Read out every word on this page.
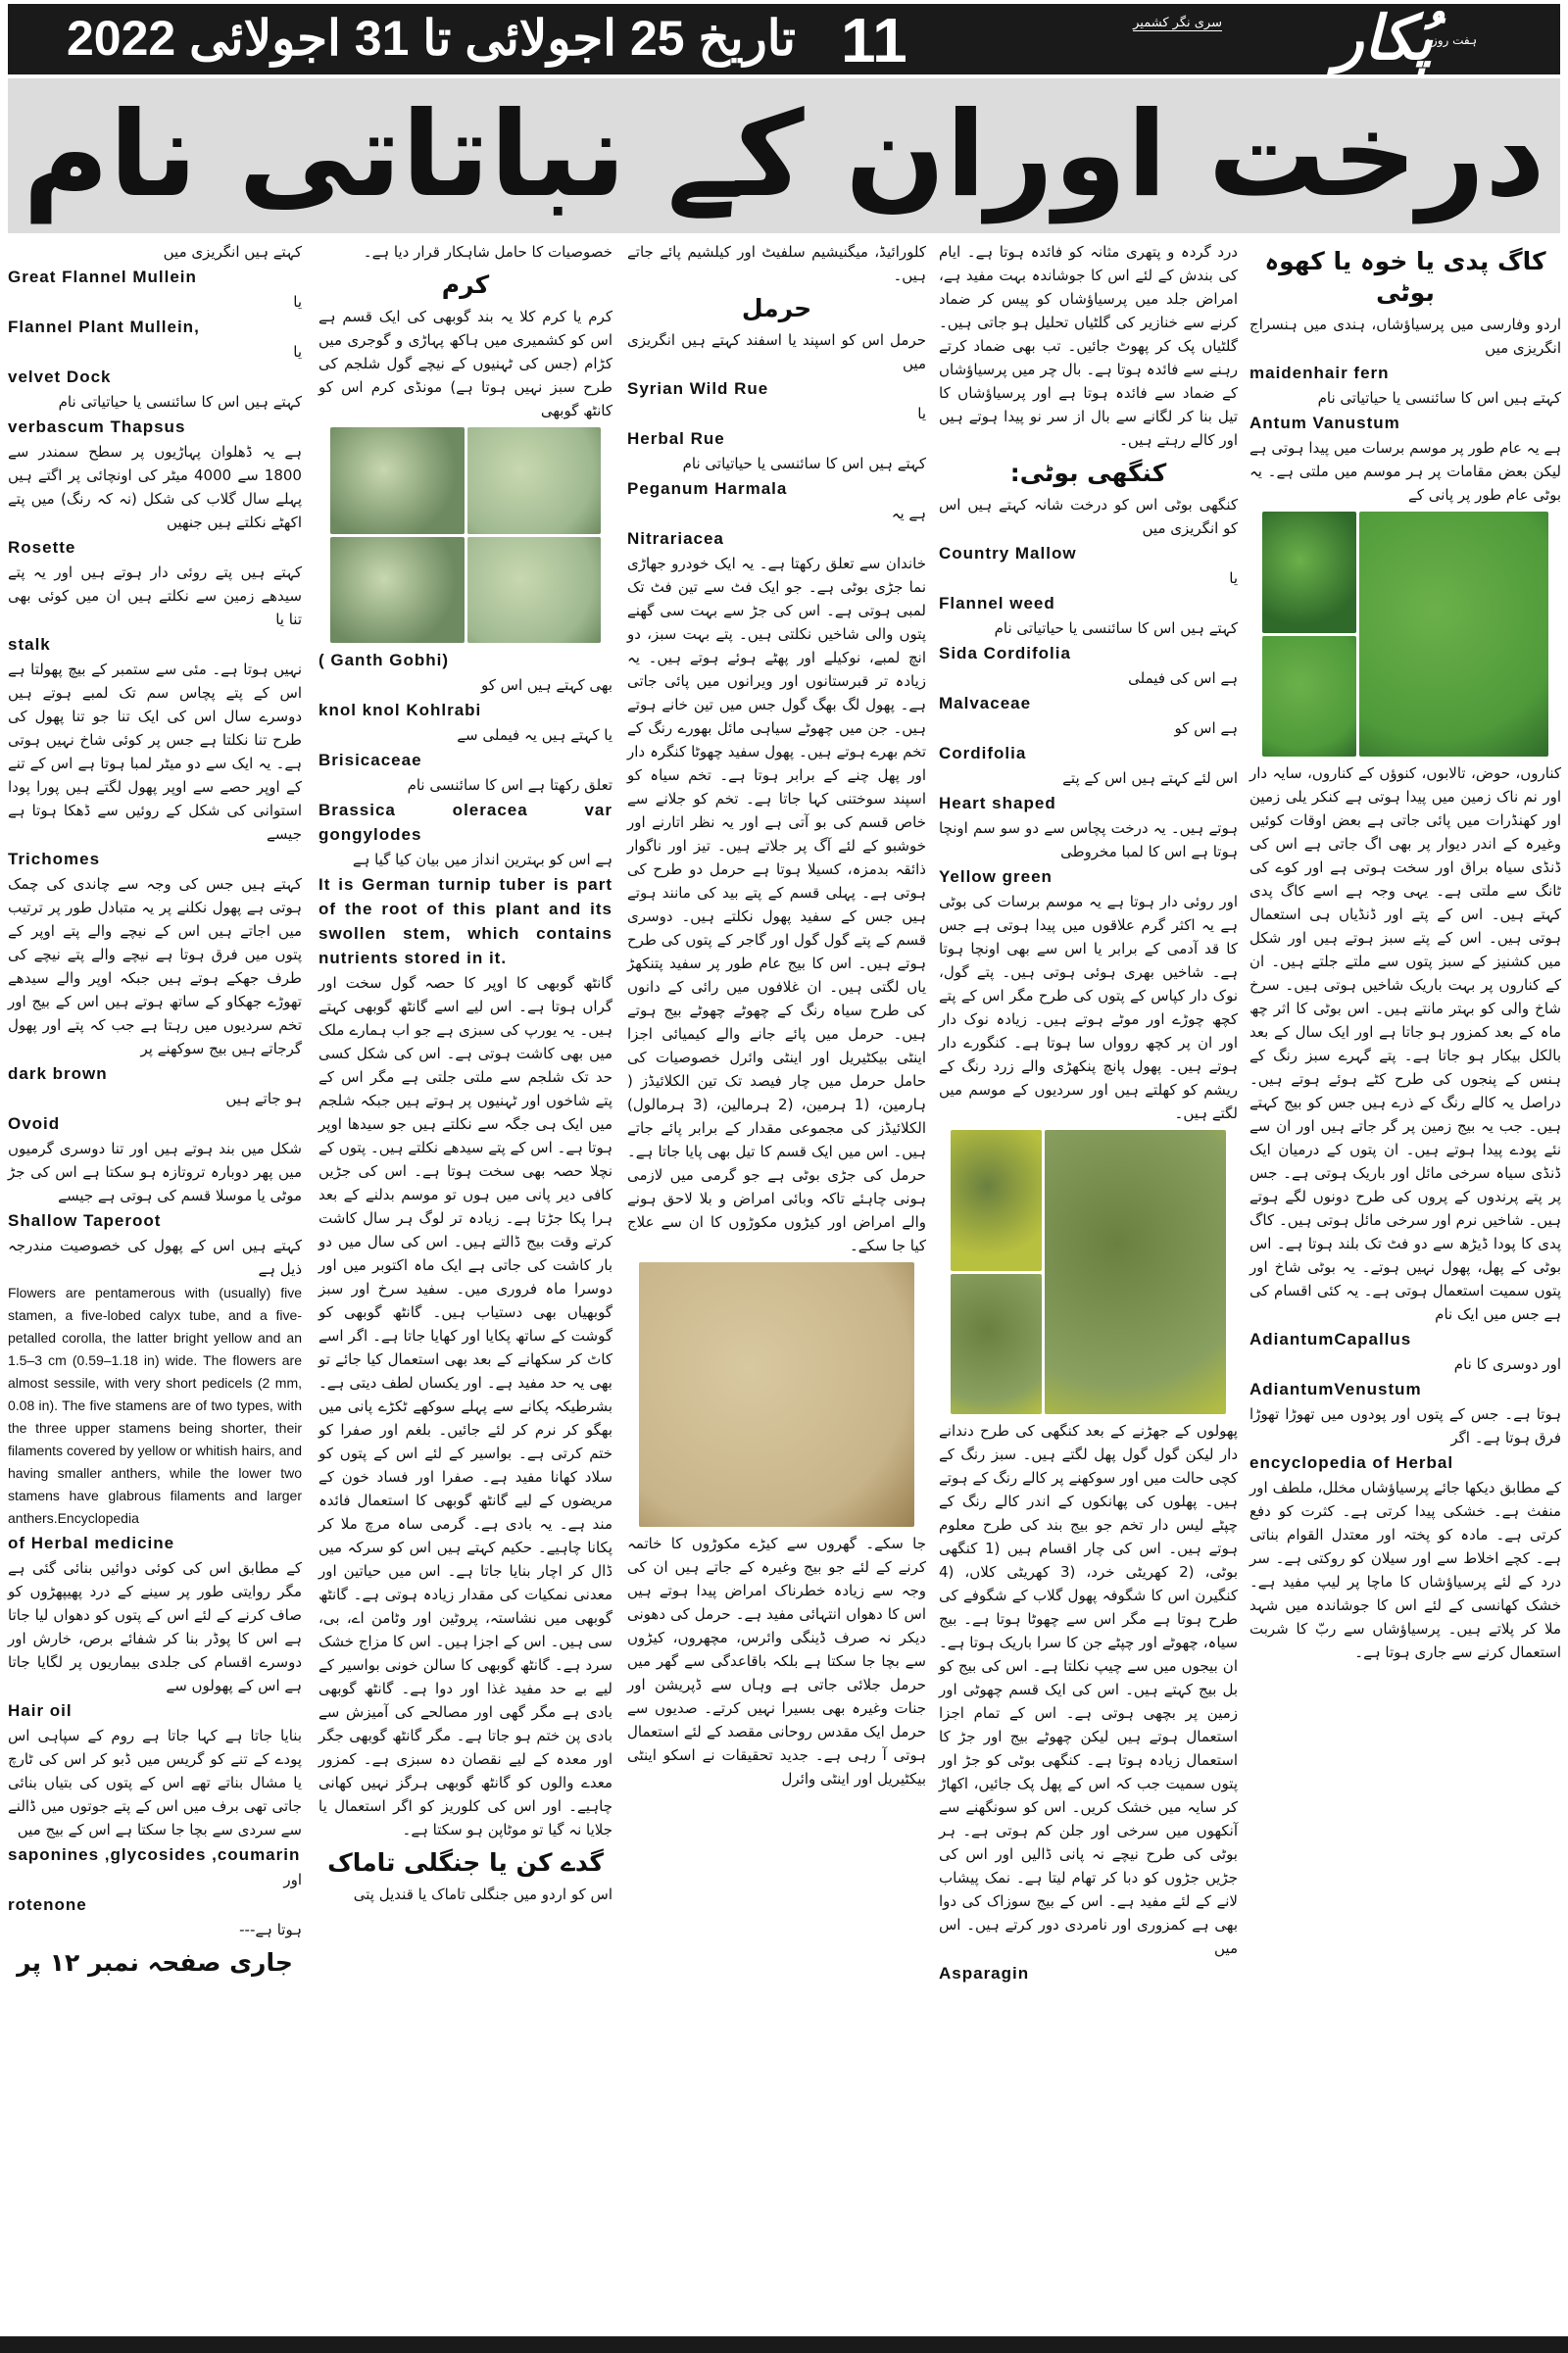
تاریخ 25 اجولائی تا 31 اجولائی 2022 11	سری نگر کشمیر پُکار
ہفت روزہ
درخت اوران کے نباتاتی نام
کاگ پدی یا خوہ یا کھوہ بوٹی

اردو وفارسی میں پرسیاؤشاں، ہندی میں ہنسراج انگریزی میں

maidenhair fern

کہتے ہیں اس کا سائنسی یا حیاتیاتی نام

Antum Vanustum

ہے یہ عام طور پر موسم برسات میں پیدا ہوتی ہے لیکن بعض مقامات پر ہر موسم میں ملتی ہے۔ یہ بوٹی عام طور پر پانی کے

کناروں، حوض، تالابوں، کنوؤں کے کناروں، سایہ دار اور نم ناک زمین میں پیدا ہوتی ہے کنکر یلی زمین اور کھنڈرات میں پائی جاتی ہے بعض اوقات کوئیں وغیرہ کے اندر دیوار پر بھی اگ جاتی ہے اس کی ڈنڈی سیاہ براق اور سخت ہوتی ہے اور کوے کی ٹانگ سے ملتی ہے۔ یہی وجہ ہے اسے کاگ پدی کہتے ہیں۔ اس کے پتے اور ڈنڈیاں ہی استعمال ہوتی ہیں۔ اس کے پتے سبز ہوتے ہیں اور شکل میں کشنیز کے سبز پتوں سے ملتے جلتے ہیں۔ ان کے کناروں پر بہت باریک شاخیں ہوتی ہیں۔ سرخ شاخ والی کو بہتر مانتے ہیں۔ اس بوٹی کا اثر چھ ماہ کے بعد کمزور ہو جاتا ہے اور ایک سال کے بعد بالکل بیکار ہو جاتا ہے۔ پتے گہرے سبز رنگ کے ہنس کے پنجوں کی طرح کٹے ہوئے ہوتے ہیں۔ دراصل یہ کالے رنگ کے ذرے ہیں جس کو بیج کہتے ہیں۔ جب یہ بیج زمین پر گر جاتے ہیں اور ان سے نئے پودے پیدا ہوتے ہیں۔ ان پتوں کے درمیان ایک ڈنڈی سیاہ سرخی مائل اور باریک ہوتی ہے۔ جس پر پتے پرندوں کے پروں کی طرح دونوں لگے ہوتے ہیں۔ شاخیں نرم اور سرخی مائل ہوتی ہیں۔ کاگ پدی کا پودا ڈیڑھ سے دو فٹ تک بلند ہوتا ہے۔ اس بوٹی کے پھل، پھول نہیں ہوتے۔ یہ بوٹی شاخ اور پتوں سمیت استعمال ہوتی ہے۔ یہ کئی اقسام کی ہے جس میں ایک نام

AdiantumCapallus

اور دوسری کا نام

AdiantumVenustum

ہوتا ہے۔ جس کے پتوں اور پودوں میں تھوڑا تھوڑا فرق ہوتا ہے۔ اگر

encyclopedia of Herbal

کے مطابق دیکھا جائے پرسیاؤشاں مخلل، ملطف اور منفث ہے۔ خشکی پیدا کرتی ہے۔ کثرت کو دفع کرتی ہے۔ مادہ کو پختہ اور معتدل القوام بناتی ہے۔ کچے اخلاط سے اور سیلان کو روکتی ہے۔ سر درد کے لئے پرسیاؤشاں کا ماچا پر لیپ مفید ہے۔ خشک کھانسی کے لئے اس کا جوشاندہ میں شہد ملا کر پلاتے ہیں۔ پرسیاؤشاں سے ربّ کا شربت استعمال کرنے سے جاری ہوتا ہے۔

درد گردہ و پتھری مثانہ کو فائدہ ہوتا ہے۔ ایام کی بندش کے لئے اس کا جوشاندہ بہت مفید ہے، امراض جلد میں پرسیاؤشاں کو پیس کر ضماد کرنے سے خنازیر کی گلٹیاں تحلیل ہو جاتی ہیں۔ گلٹیاں پک کر پھوٹ جائیں۔ تب بھی ضماد کرتے رہنے سے فائدہ ہوتا ہے۔ بال چر میں پرسیاؤشاں کے ضماد سے فائدہ ہوتا ہے اور پرسیاؤشاں کا تیل بنا کر لگانے سے بال از سر نو پیدا ہوتے ہیں اور کالے رہتے ہیں۔

کنگھی بوٹی:

کنگھی بوٹی اس کو درخت شانہ کہتے ہیں اس کو انگریزی میں

Country Mallow

یا

Flannel weed

کہتے ہیں اس کا سائنسی یا حیاتیاتی نام

Sida Cordifolia

ہے اس کی فیملی

Malvaceae

ہے اس کو

Cordifolia

اس لئے کہتے ہیں اس کے پتے

Heart shaped

ہوتے ہیں۔ یہ درخت پچاس سے دو سو سم اونچا ہوتا ہے اس کا لمبا مخروطی

Yellow green

اور روئی دار ہوتا ہے یہ موسم برسات کی بوٹی ہے یہ اکثر گرم علاقوں میں پیدا ہوتی ہے جس کا قد آدمی کے برابر یا اس سے بھی اونچا ہوتا ہے۔ شاخیں بھری ہوئی ہوتی ہیں۔ پتے گول، نوک دار کپاس کے پتوں کی طرح مگر اس کے پتے کچھ چوڑے اور موٹے ہوتے ہیں۔ زیادہ نوک دار اور ان پر کچھ روواں سا ہوتا ہے۔ کنگورے دار ہوتے ہیں۔ پھول پانچ پنکھڑی والے زرد رنگ کے ریشم کو کھلتے ہیں اور سردیوں کے موسم میں لگتے ہیں۔

پھولوں کے جھڑنے کے بعد کنگھی کی طرح دندانے دار لیکن گول گول پھل لگتے ہیں۔ سبز رنگ کے کچی حالت میں اور سوکھنے پر کالے رنگ کے ہوتے ہیں۔ پھلوں کی پھانکوں کے اندر کالے رنگ کے چپٹے لیس دار تخم جو بیج بند کی طرح معلوم ہوتے ہیں۔ اس کی چار اقسام ہیں (1 کنگھی بوٹی، (2 کھریٹی خرد، (3 کھریٹی کلاں، (4 کنگیرن اس کا شگوفہ پھول گلاب کے شگوفے کی طرح ہوتا ہے مگر اس سے چھوٹا ہوتا ہے۔ بیج سیاہ، چھوٹے اور چپٹے جن کا سرا باریک ہوتا ہے۔ ان بیجوں میں سے چیپ نکلتا ہے۔ اس کی بیج کو بل بیج کہتے ہیں۔ اس کی ایک قسم چھوٹی اور زمین پر بچھی ہوتی ہے۔ اس کے تمام اجزا استعمال ہوتے ہیں لیکن چھوٹے بیج اور جڑ کا استعمال زیادہ ہوتا ہے۔ کنگھی بوٹی کو جڑ اور پتوں سمیت جب کہ اس کے پھل پک جائیں، اکھاڑ کر سایہ میں خشک کریں۔ اس کو سونگھنے سے آنکھوں میں سرخی اور جلن کم ہوتی ہے۔ ہر بوٹی کی طرح نیچے نہ پانی ڈالیں اور اس کی جڑیں جڑوں کو دبا کر تھام لیتا ہے۔ نمک پیشاب لانے کے لئے مفید ہے۔ اس کے بیج سوزاک کی دوا بھی ہے کمزوری اور نامردی دور کرتے ہیں۔ اس میں

Asparagin

کلورائیڈ، میگنیشیم سلفیٹ اور کیلشیم پائے جاتے ہیں۔

حرمل

حرمل اس کو اسپند یا اسفند کہتے ہیں انگریزی میں

Syrian Wild Rue

یا

Herbal Rue

کہتے ہیں اس کا سائنسی یا حیاتیاتی نام

Peganum Harmala

ہے یہ

Nitrariacea

خاندان سے تعلق رکھتا ہے۔ یہ ایک خودرو جھاڑی نما جڑی بوٹی ہے۔ جو ایک فٹ سے تین فٹ تک لمبی ہوتی ہے۔ اس کی جڑ سے بہت سی گھنے پتوں والی شاخیں نکلتی ہیں۔ پتے بہت سبز، دو انچ لمبے، نوکیلے اور پھٹے ہوئے ہوتے ہیں۔ یہ زیادہ تر قبرستانوں اور ویرانوں میں پائی جاتی ہے۔ پھول لگ بھگ گول جس میں تین خانے ہوتے ہیں۔ جن میں چھوٹے سیاہی مائل بھورے رنگ کے تخم بھرے ہوتے ہیں۔ پھول سفید چھوٹا کنگرہ دار اور پھل چنے کے برابر ہوتا ہے۔ تخم سیاہ کو اسپند سوختنی کہا جاتا ہے۔ تخم کو جلانے سے خاص قسم کی بو آتی ہے اور یہ نظر اتارنے اور خوشبو کے لئے آگ پر جلاتے ہیں۔ تیز اور ناگوار ذائقہ بدمزہ، کسیلا ہوتا ہے حرمل دو طرح کی ہوتی ہے۔ پہلی قسم کے پتے بید کی مانند ہوتے ہیں جس کے سفید پھول نکلتے ہیں۔ دوسری قسم کے پتے گول گول اور گاجر کے پتوں کی طرح ہوتے ہیں۔ اس کا بیج عام طور پر سفید پتنکھڑ یاں لگتی ہیں۔ ان غلافوں میں رائی کے دانوں کی طرح سیاہ رنگ کے چھوٹے چھوٹے بیج ہوتے ہیں۔ حرمل میں پائے جانے والے کیمیائی اجزا اینٹی بیکٹیریل اور اینٹی وائرل خصوصیات کی حامل حرمل میں چار فیصد تک تین الکلائیڈز ( ہارمین، (1 ہرمین، (2 ہرمالین، (3 ہرمالول) الکلائیڈز کی مجموعی مقدار کے برابر پائے جاتے ہیں۔ اس میں ایک قسم کا تیل بھی پایا جاتا ہے۔ حرمل کی جڑی بوٹی ہے جو گرمی میں لازمی ہونی چاہئے تاکہ وبائی امراض و بلا لاحق ہونے والے امراض اور کیڑوں مکوڑوں کا ان سے علاج کیا جا سکے۔

جا سکے۔ گھروں سے کیڑے مکوڑوں کا خاتمہ کرنے کے لئے جو بیج وغیرہ کے جاتے ہیں ان کی وجہ سے زیادہ خطرناک امراض پیدا ہوتے ہیں اس کا دھواں انتہائی مفید ہے۔ حرمل کی دھونی دیکر نہ صرف ڈینگی وائرس، مچھروں، کیڑوں سے بچا جا سکتا ہے بلکہ باقاعدگی سے گھر میں حرمل جلائی جاتی ہے وہاں سے ڈپریشن اور جنات وغیرہ بھی بسیرا نہیں کرتے۔ صدیوں سے حرمل ایک مقدس روحانی مقصد کے لئے استعمال ہوتی آ رہی ہے۔ جدید تحقیقات نے اسکو اینٹی بیکٹیریل اور اینٹی وائرل

خصوصیات کا حامل شاہکار قرار دیا ہے۔

کرم

کرم یا کرم کلا یہ بند گوبھی کی ایک قسم ہے اس کو کشمیری میں ہاکھ پہاڑی و گوجری میں کڑام (جس کی ٹہنیوں کے نیچے گول شلجم کی طرح سبز نہیں ہوتا ہے) مونڈی کرم اس کو کانٹھ گوبھی

( Ganth Gobhi)

بھی کہتے ہیں اس کو

knol knol Kohlrabi

یا کہتے ہیں یہ فیملی سے

Brisicaceae

تعلق رکھتا ہے اس کا سائنسی نام

Brassica oleracea var gongylodes

ہے اس کو بہترین انداز میں بیان کیا گیا ہے

It is German turnip tuber is part of the root of this plant and its swollen stem, which contains nutrients stored in it.

گانٹھ گوبھی کا اوپر کا حصہ گول سخت اور گراں ہوتا ہے۔ اس لیے اسے گانٹھ گوبھی کہتے ہیں۔ یہ یورپ کی سبزی ہے جو اب ہمارے ملک میں بھی کاشت ہوتی ہے۔ اس کی شکل کسی حد تک شلجم سے ملتی جلتی ہے مگر اس کے پتے شاخوں اور ٹہنیوں پر ہوتے ہیں جبکہ شلجم میں ایک ہی جگہ سے نکلتے ہیں جو سیدھا اوپر ہوتا ہے۔ اس کے پتے سیدھے نکلتے ہیں۔ پتوں کے نچلا حصہ بھی سخت ہوتا ہے۔ اس کی جڑیں کافی دیر پانی میں ہوں تو موسم بدلنے کے بعد ہرا پکا جڑتا ہے۔ زیادہ تر لوگ ہر سال کاشت کرتے وقت بیج ڈالتے ہیں۔ اس کی سال میں دو بار کاشت کی جاتی ہے ایک ماہ اکتوبر میں اور دوسرا ماہ فروری میں۔ سفید سرخ اور سبز گوبھیاں بھی دستیاب ہیں۔ گانٹھ گوبھی کو گوشت کے ساتھ پکایا اور کھایا جاتا ہے۔ اگر اسے کاٹ کر سکھانے کے بعد بھی استعمال کیا جائے تو بھی یہ حد مفید ہے۔ اور یکساں لطف دیتی ہے۔ بشرطیکہ پکانے سے پہلے سوکھے ٹکڑے پانی میں بھگو کر نرم کر لئے جائیں۔ بلغم اور صفرا کو ختم کرتی ہے۔ بواسیر کے لئے اس کے پتوں کو سلاد کھانا مفید ہے۔ صفرا اور فساد خون کے مریضوں کے لیے گانٹھ گوبھی کا استعمال فائدہ مند ہے۔ یہ بادی ہے۔ گرمی ساہ مرچ ملا کر پکانا چاہیے۔ حکیم کہتے ہیں اس کو سرکہ میں ڈال کر اچار بنایا جاتا ہے۔ اس میں حیاتین اور معدنی نمکیات کی مقدار زیادہ ہوتی ہے۔ گانٹھ گوبھی میں نشاستہ، پروٹین اور وٹامن اے، بی، سی ہیں۔ اس کے اجزا ہیں۔ اس کا مزاج خشک سرد ہے۔ گانٹھ گوبھی کا سالن خونی بواسیر کے لیے بے حد مفید غذا اور دوا ہے۔ گانٹھ گوبھی بادی ہے مگر گھی اور مصالحے کی آمیزش سے بادی پن ختم ہو جاتا ہے۔ مگر گانٹھ گوبھی جگر اور معدہ کے لیے نقصان دہ سبزی ہے۔ کمزور معدے والوں کو گانٹھ گوبھی ہرگز نہیں کھانی چاہیے۔ اور اس کی کلوریز کو اگر استعمال یا جلایا نہ گیا تو موٹاپن ہو سکتا ہے۔

گدے کن یا جنگلی تاماک

اس کو اردو میں جنگلی تاماک یا قندیل پتی

کہتے ہیں انگریزی میں

Great Flannel Mullein

یا

Flannel Plant Mullein,

یا

velvet Dock

کہتے ہیں اس کا سائنسی یا حیاتیاتی نام

verbascum Thapsus

ہے یہ ڈھلوان پہاڑیوں پر سطح سمندر سے 1800 سے 4000 میٹر کی اونچائی پر اگتے ہیں پہلے سال گلاب کی شکل (نہ کہ رنگ) میں پتے اکھٹے نکلتے ہیں جنھیں

Rosette

کہتے ہیں پتے روئی دار ہوتے ہیں اور یہ پتے سیدھے زمین سے نکلتے ہیں ان میں کوئی بھی تنا یا

stalk

نہیں ہوتا ہے۔ مئی سے ستمبر کے بیچ پھولتا ہے اس کے پتے پچاس سم تک لمبے ہوتے ہیں دوسرے سال اس کی ایک تنا جو تنا پھول کی طرح تنا نکلتا ہے جس پر کوئی شاخ نہیں ہوتی ہے۔ یہ ایک سے دو میٹر لمبا ہوتا ہے اس کے تنے کے اوپر حصے سے اوپر پھول لگتے ہیں پورا پودا استوانی کی شکل کے روئیں سے ڈھکا ہوتا ہے جیسے

Trichomes

کہتے ہیں جس کی وجہ سے چاندی کی چمک ہوتی ہے پھول نکلنے پر یہ متبادل طور پر ترتیب میں اجاتے ہیں اس کے نیچے والے پتے اوپر کے پتوں میں فرق ہوتا ہے نیچے والے پتے نیچے کی طرف جھکے ہوتے ہیں جبکہ اوپر والے سیدھے تھوڑے جھکاو کے ساتھ ہوتے ہیں اس کے بیج اور تخم سردیوں میں رہتا ہے جب کہ پتے اور پھول گرجاتے ہیں بیج سوکھنے پر

dark brown

ہو جاتے ہیں

Ovoid

شکل میں بند ہوتے ہیں اور تنا دوسری گرمیوں میں پھر دوبارہ تروتازہ ہو سکتا ہے اس کی جڑ موٹی یا موسلا قسم کی ہوتی ہے جیسے

Shallow Taperoot

کہتے ہیں اس کے پھول کی خصوصیت مندرجہ ذیل ہے

Flowers are pentamerous with (usually) five stamen, a five-lobed calyx tube, and a five-petalled corolla, the latter bright yellow and an 1.5–3 cm (0.59–1.18 in) wide. The flowers are almost sessile, with very short pedicels (2 mm, 0.08 in). The five stamens are of two types, with the three upper stamens being shorter, their filaments covered by yellow or whitish hairs, and having smaller anthers, while the lower two stamens have glabrous filaments and larger anthers.Encyclopedia

of Herbal medicine

کے مطابق اس کی کوئی دوائیں بنائی گئی ہے مگر روایتی طور پر سینے کے درد پھیپھڑوں کو صاف کرنے کے لئے اس کے پتوں کو دھواں لیا جاتا ہے اس کا پوڈر بنا کر شفائے برص، خارش اور دوسرے اقسام کی جلدی بیماریوں پر لگایا جاتا ہے اس کے پھولوں سے

Hair oil

بنایا جاتا ہے کہا جاتا ہے روم کے سپاہی اس پودے کے تنے کو گریس میں ڈبو کر اس کی ٹارچ یا مشال بناتے تھے اس کے پتوں کی بتیاں بنائی جاتی تھی برف میں اس کے پتے جوتوں میں ڈالنے سے سردی سے بچا جا سکتا ہے اس کے بیج میں

saponines ,glycosides ,coumarin

اور

rotenone

ہوتا ہے---

جاری صفحہ نمبر ۱۲ پر
